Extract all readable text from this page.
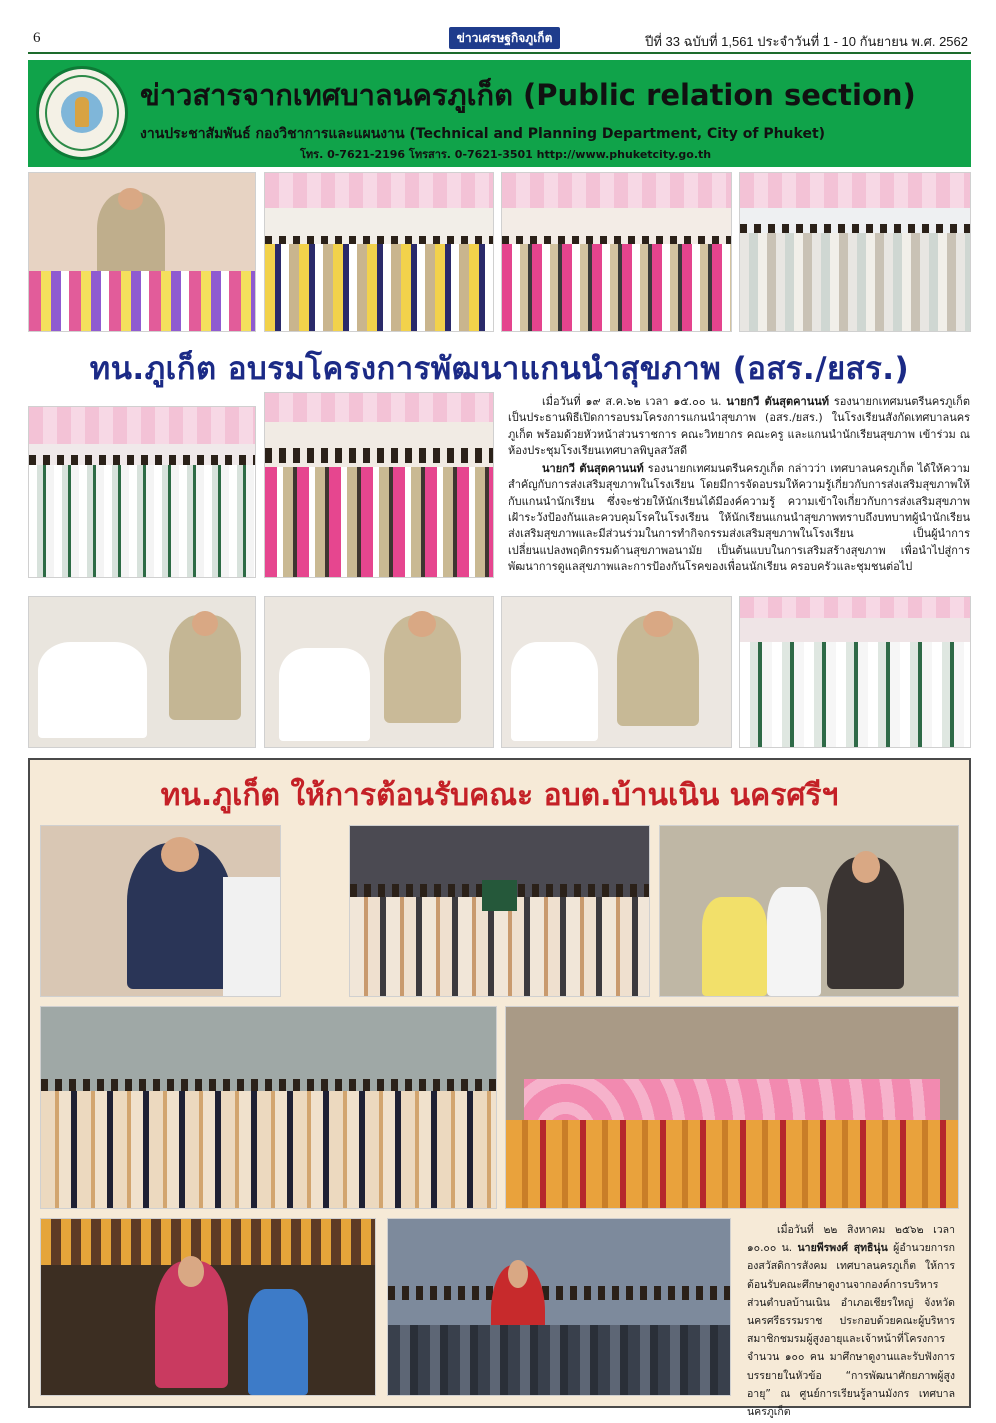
6	ข่าวเศรษฐกิจภูเก็ต	ปีที่ 33 ฉบับที่ 1,561 ประจำวันที่ 1 - 10 กันยายน พ.ศ. 2562
ข่าวสารจากเทศบาลนครภูเก็ต (Public relation section)
งานประชาสัมพันธ์ กองวิชาการและแผนงาน (Technical and Planning Department, City of Phuket)
โทร. 0-7621-2196 โทรสาร. 0-7621-3501 http://www.phuketcity.go.th
ทน.ภูเก็ต อบรมโครงการพัฒนาแกนนำสุขภาพ (อสร./ยสร.)

เมื่อวันที่ ๑๙ ส.ค.๖๒ เวลา ๑๕.๐๐ น. นายกวี ตันสุตคานนท์ รองนายกเทศมนตรีนครภูเก็ต เป็นประธานพิธีเปิดการอบรมโครงการแกนนำสุขภาพ (อสร./ยสร.) ในโรงเรียนสังกัดเทศบาลนครภูเก็ต พร้อมด้วยหัวหน้าส่วนราชการ คณะวิทยากร คณะครู และแกนนำนักเรียนสุขภาพ เข้าร่วม ณ ห้องประชุมโรงเรียนเทศบาลพิบูลสวัสดี

นายกวี ตันสุตคานนท์ รองนายกเทศมนตรีนครภูเก็ต กล่าวว่า เทศบาลนครภูเก็ต ได้ให้ความสำคัญกับการส่งเสริมสุขภาพในโรงเรียน โดยมีการจัดอบรมให้ความรู้เกี่ยวกับการส่งเสริมสุขภาพให้กับแกนนำนักเรียน ซึ่งจะช่วยให้นักเรียนได้มีองค์ความรู้ ความเข้าใจเกี่ยวกับการส่งเสริมสุขภาพ เฝ้าระวังป้องกันและควบคุมโรคในโรงเรียน ให้นักเรียนแกนนำสุขภาพทราบถึงบทบาทผู้นำนักเรียนส่งเสริมสุขภาพและมีส่วนร่วมในการทำกิจกรรมส่งเสริมสุขภาพในโรงเรียน เป็นผู้นำการเปลี่ยนแปลงพฤติกรรมด้านสุขภาพอนามัย เป็นต้นแบบในการเสริมสร้างสุขภาพ เพื่อนำไปสู่การพัฒนาการดูแลสุขภาพและการป้องกันโรคของเพื่อนนักเรียน ครอบครัวและชุมชนต่อไป

ทน.ภูเก็ต ให้การต้อนรับคณะ อบต.บ้านเนิน นครศรีฯ

เมื่อวันที่ ๒๒ สิงหาคม ๒๕๖๒ เวลา ๑๐.๐๐ น. นายพีรพงศ์ สุทธินุ่น ผู้อำนวยการกองสวัสดิการสังคม เทศบาลนครภูเก็ต ให้การต้อนรับคณะศึกษาดูงานจากองค์การบริหารส่วนตำบลบ้านเนิน อำเภอเชียรใหญ่ จังหวัดนครศรีธรรมราช ประกอบด้วยคณะผู้บริหาร สมาชิกชมรมผู้สูงอายุและเจ้าหน้าที่โครงการ จำนวน ๑๐๐ คน มาศึกษาดูงานและรับฟังการบรรยายในหัวข้อ “การพัฒนาศักยภาพผู้สูงอายุ” ณ ศูนย์การเรียนรู้ลานมังกร เทศบาลนครภูเก็ต
